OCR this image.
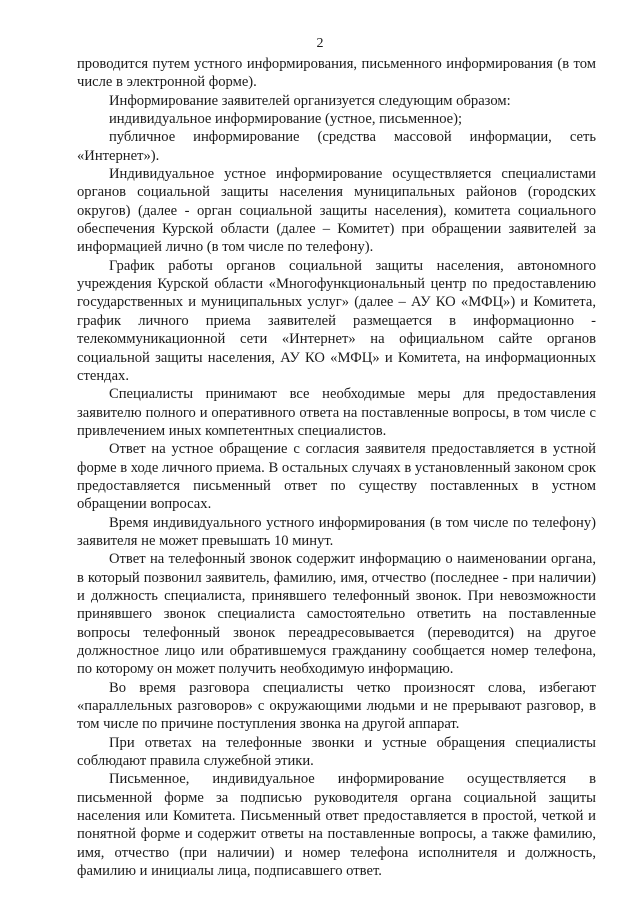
2

проводится путем устного информирования, письменного информирования (в том числе в электронной форме).

Информирование заявителей организуется следующим образом:

индивидуальное информирование (устное, письменное);

публичное информирование (средства массовой информации, сеть «Интернет»).

Индивидуальное устное информирование осуществляется специалистами органов социальной защиты населения муниципальных районов (городских округов) (далее - орган социальной защиты населения), комитета социального обеспечения Курской области (далее – Комитет) при обращении заявителей за информацией лично (в том числе по телефону).

График работы органов социальной защиты населения, автономного учреждения Курской области «Многофункциональный центр по предоставлению государственных и муниципальных услуг» (далее – АУ КО «МФЦ») и Комитета, график личного приема заявителей размещается в информационно - телекоммуникационной сети «Интернет» на официальном сайте органов социальной защиты населения, АУ КО «МФЦ» и Комитета, на информационных стендах.

Специалисты принимают все необходимые меры для предоставления заявителю полного и оперативного ответа на поставленные вопросы, в том числе с привлечением иных компетентных специалистов.

Ответ на устное обращение с согласия заявителя предоставляется в устной форме в ходе личного приема. В остальных случаях в установленный законом срок предоставляется письменный ответ по существу поставленных в устном обращении вопросах.

Время индивидуального устного информирования (в том числе по телефону) заявителя не может превышать 10 минут.

Ответ на телефонный звонок содержит информацию о наименовании органа, в который позвонил заявитель, фамилию, имя, отчество (последнее - при наличии) и должность специалиста, принявшего телефонный звонок. При невозможности принявшего звонок специалиста самостоятельно ответить на поставленные вопросы телефонный звонок переадресовывается (переводится) на другое должностное лицо или обратившемуся гражданину сообщается номер телефона, по которому он может получить необходимую информацию.

Во время разговора специалисты четко произносят слова, избегают «параллельных разговоров» с окружающими людьми и не прерывают разговор, в том числе по причине поступления звонка на другой аппарат.

При ответах на телефонные звонки и устные обращения специалисты соблюдают правила служебной этики.

Письменное, индивидуальное информирование осуществляется в письменной форме за подписью руководителя органа социальной защиты населения или Комитета. Письменный ответ предоставляется в простой, четкой и понятной форме и содержит ответы на поставленные вопросы, а также фамилию, имя, отчество (при наличии) и номер телефона исполнителя и должность, фамилию и инициалы лица, подписавшего ответ.
